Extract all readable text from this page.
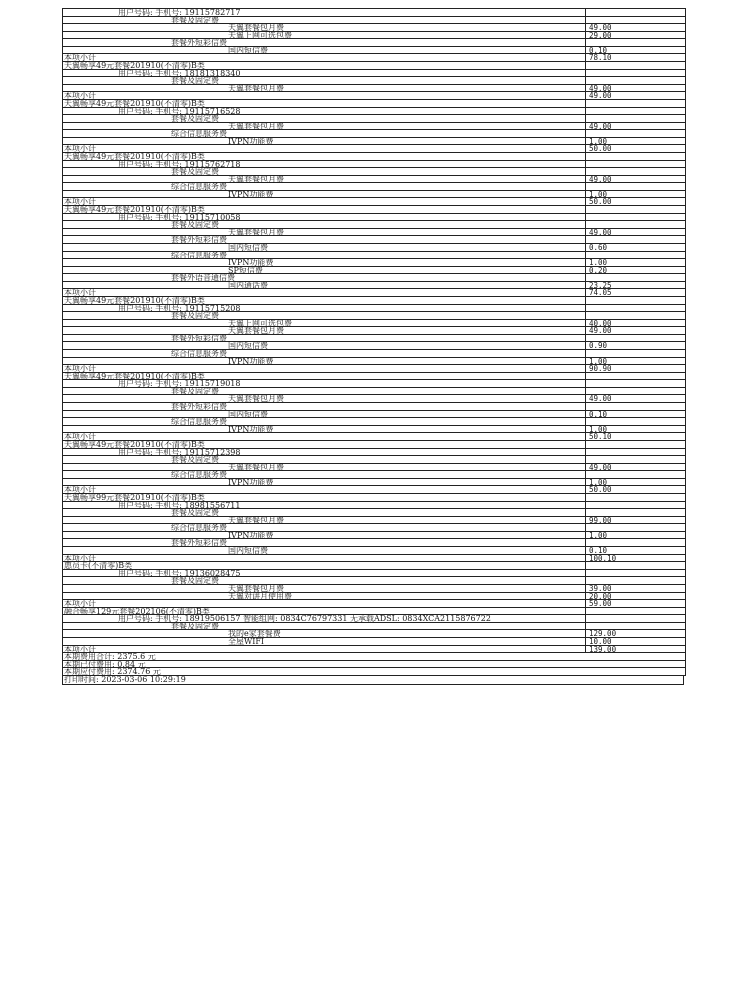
用户号码: 手机号: 19115782717
套餐及固定费
天翼套餐包月费	49.00
天翼上网可选包费	29.00
套餐外短彩信费
国内短信费	0.10
本项小计	78.10
天翼畅享49元套餐201910(不清零)B类
用户号码: 手机号: 18181318340
套餐及固定费
天翼套餐包月费	49.00
本项小计	49.00
天翼畅享49元套餐201910(不清零)B类
用户号码: 手机号: 19115716528
套餐及固定费
天翼套餐包月费	49.00
综合信息服务费
IVPN功能费	1.00
本项小计	50.00
天翼畅享49元套餐201910(不清零)B类
用户号码: 手机号: 19115762718
套餐及固定费
天翼套餐包月费	49.00
综合信息服务费
IVPN功能费	1.00
本项小计	50.00
天翼畅享49元套餐201910(不清零)B类
用户号码: 手机号: 19115710058
套餐及固定费
天翼套餐包月费	49.00
套餐外短彩信费
国内短信费	0.60
综合信息服务费
IVPN功能费	1.00
SP短信费	0.20
套餐外语音通信费
国内通话费	23.25
本项小计	74.05
天翼畅享49元套餐201910(不清零)B类
用户号码: 手机号: 19115715208
套餐及固定费
天翼上网可选包费	40.00
天翼套餐包月费	49.00
套餐外短彩信费
国内短信费	0.90
综合信息服务费
IVPN功能费	1.00
本项小计	90.90
天翼畅享49元套餐201910(不清零)B类
用户号码: 手机号: 19115719018
套餐及固定费
天翼套餐包月费	49.00
套餐外短彩信费
国内短信费	0.10
综合信息服务费
IVPN功能费	1.00
本项小计	50.10
天翼畅享49元套餐201910(不清零)B类
用户号码: 手机号: 19115712398
套餐及固定费
天翼套餐包月费	49.00
综合信息服务费
IVPN功能费	1.00
本项小计	50.00
天翼畅享99元套餐201910(不清零)B类
用户号码: 手机号: 18981556711
套餐及固定费
天翼套餐包月费	99.00
综合信息服务费
IVPN功能费	1.00
套餐外短彩信费
国内短信费	0.10
本项小计	100.10
惠员卡(不清零)B类
用户号码: 手机号: 19136028475
套餐及固定费
天翼套餐包月费	39.00
天翼对讲月使用费	20.00
本项小计	59.00
融合畅享129元套餐202106(不清零)B类
用户号码: 手机号: 18919506157 智能组网: 0834C76797331 无承载ADSL: 0834XCA2115876722
套餐及固定费
我的e家套餐费	129.00
全屋WIFI	10.00
本项小计	139.00
本期费用合计: 2375.6 元
本期已付费用: 0.84 元
本期应付费用: 2374.76 元
打印时间: 2023-03-06 10:29:19
